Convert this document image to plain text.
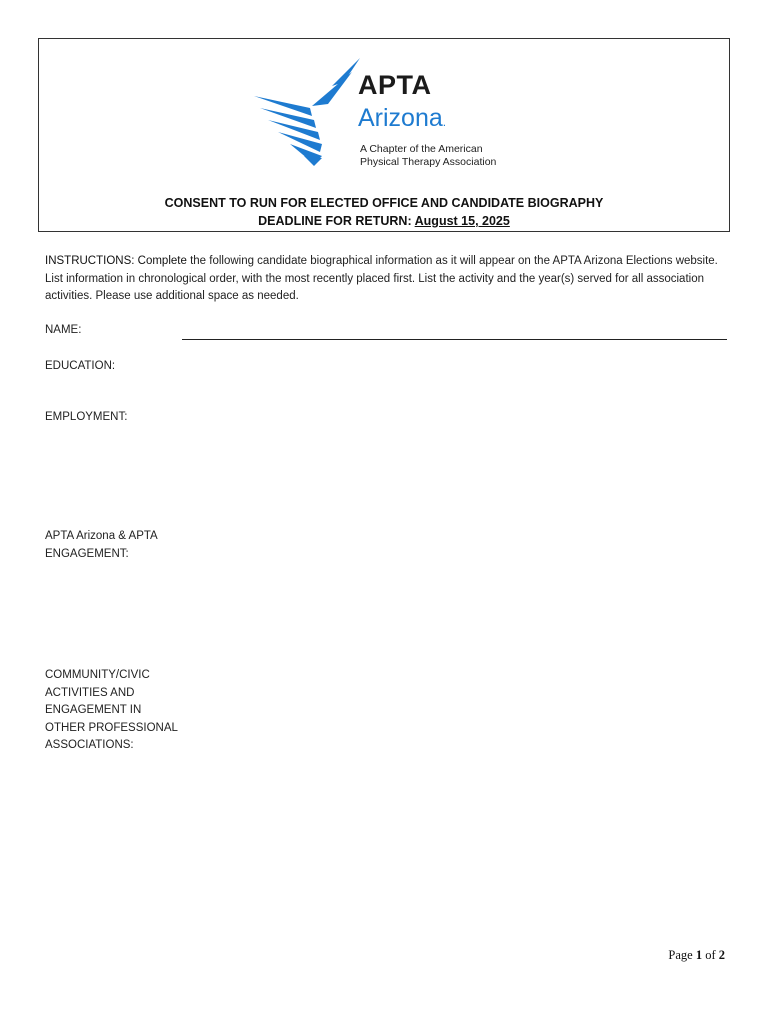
APTA
Arizona.
A Chapter of the American
Physical Therapy Association
CONSENT TO RUN FOR ELECTED OFFICE AND CANDIDATE BIOGRAPHY
DEADLINE FOR RETURN: August 15, 2025
INSTRUCTIONS: Complete the following candidate biographical information as it will appear on the APTA Arizona Elections website. List information in chronological order, with the most recently placed first. List the activity and the year(s) served for all association activities. Please use additional space as needed.
NAME:
EDUCATION:
EMPLOYMENT:
APTA Arizona & APTA
ENGAGEMENT:
COMMUNITY/CIVIC
ACTIVITIES AND
ENGAGEMENT IN
OTHER PROFESSIONAL
ASSOCIATIONS:
Page 1 of 2
